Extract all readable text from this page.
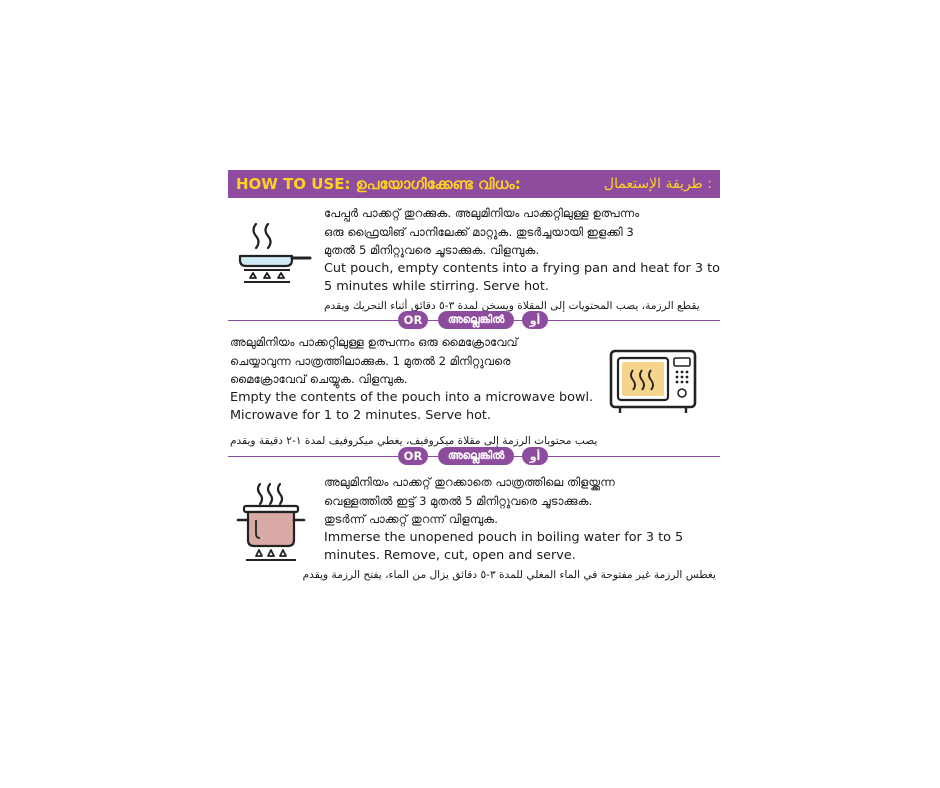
HOW TO USE: ഉപയോഗിക്കേണ്ട വിധം:	طريقة الإستعمال :
പേപ്പർ പാക്കറ്റ് തുറക്കുക. അലുമിനിയം പാക്കറ്റിലുള്ള ഉത്പന്നം
ഒരു ഫ്രൈയിങ് പാനിലേക്ക് മാറ്റുക. തുടർച്ചയായി ഇളക്കി 3
മുതൽ 5 മിനിറ്റുവരെ ചൂടാക്കുക. വിളമ്പുക.
Cut pouch, empty contents into a frying pan and heat for 3 to
5 minutes while stirring. Serve hot.
يقطع الرزمة، يصب المحتويات إلى المقلاة ويسخن لمدة ٣-٥ دقائق أثناء التحريك ويقدم
OR	അല്ലെങ്കിൽ	أو
അലുമിനിയം പാക്കറ്റിലുള്ള ഉത്പന്നം ഒരു മൈക്രോവേവ്
ചെയ്യാവുന്ന പാത്രത്തിലാക്കുക. 1 മുതൽ 2 മിനിറ്റുവരെ
മൈക്രോവേവ് ചെയ്യുക. വിളമ്പുക.
Empty the contents of the pouch into a microwave bowl.
Microwave for 1 to 2 minutes. Serve hot.
يصب محتويات الرزمة إلى مقلاة ميكروفيف، يغطي ميكروفيف لمدة ١-٢ دقيقة ويقدم
OR	അല്ലെങ്കിൽ	أو
അലുമിനിയം പാക്കറ്റ് തുറക്കാതെ പാത്രത്തിലെ തിളയ്ക്കുന്ന
വെള്ളത്തിൽ ഇട്ട് 3 മുതൽ 5 മിനിറ്റുവരെ ചൂടാക്കുക.
തുടർന്ന് പാക്കറ്റ് തുറന്ന് വിളമ്പുക.
Immerse the unopened pouch in boiling water for 3 to 5
minutes. Remove, cut, open and serve.
يغطس الرزمة غير مفتوحة في الماء المغلي للمدة ٣-٥ دقائق يزال من الماء، يفتح الرزمة ويقدم
